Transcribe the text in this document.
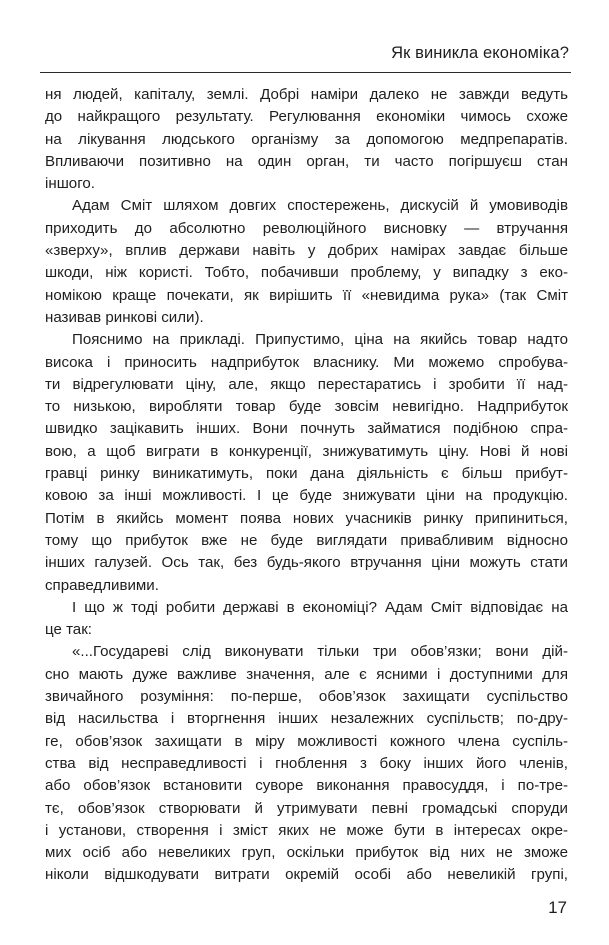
Як виникла економіка?
ня людей, капіталу, землі. Добрі наміри далеко не завжди ведуть
до найкращого результату. Регулювання економіки чимось схоже
на лікування людського організму за допомогою медпрепаратів.
Впливаючи позитивно на один орган, ти часто погіршуєш стан
іншого.
Адам Сміт шляхом довгих спостережень, дискусій й умовиводів
приходить до абсолютно революційного висновку — втручання
«зверху», вплив держави навіть у добрих намірах завдає більше
шкоди, ніж користі. Тобто, побачивши проблему, у випадку з еко-
номікою краще почекати, як вирішить її «невидима рука» (так Сміт
називав ринкові сили).
Пояснимо на прикладі. Припустимо, ціна на якийсь товар надто
висока і приносить надприбуток власнику. Ми можемо спробува-
ти відрегулювати ціну, але, якщо перестаратись і зробити її над-
то низькою, виробляти товар буде зовсім невигідно. Надприбуток
швидко зацікавить інших. Вони почнуть займатися подібною спра-
вою, а щоб виграти в конкуренції, знижуватимуть ціну. Нові й нові
гравці ринку виникатимуть, поки дана діяльність є більш прибут-
ковою за інші можливості. І це буде знижувати ціни на продукцію.
Потім в якийсь момент поява нових учасників ринку припиниться,
тому що прибуток вже не буде виглядати привабливим відносно
інших галузей. Ось так, без будь-якого втручання ціни можуть стати
справедливими.
І що ж тоді робити державі в економіці? Адам Сміт відповідає на
це так:
«...Государеві слід виконувати тільки три обов’язки; вони дій-
сно мають дуже важливе значення, але є ясними і доступними для
звичайного розуміння: по-перше, обов’язок захищати суспільство
від насильства і вторгнення інших незалежних суспільств; по-дру-
ге, обов’язок захищати в міру можливості кожного члена суспіль-
ства від несправедливості і гноблення з боку інших його членів,
або обов’язок встановити суворе виконання правосуддя, і по-тре-
тє, обов’язок створювати й утримувати певні громадські споруди
і установи, створення і зміст яких не може бути в інтересах окре-
мих осіб або невеликих груп, оскільки прибуток від них не зможе
ніколи відшкодувати витрати окремій особі або невеликій групі,
17
